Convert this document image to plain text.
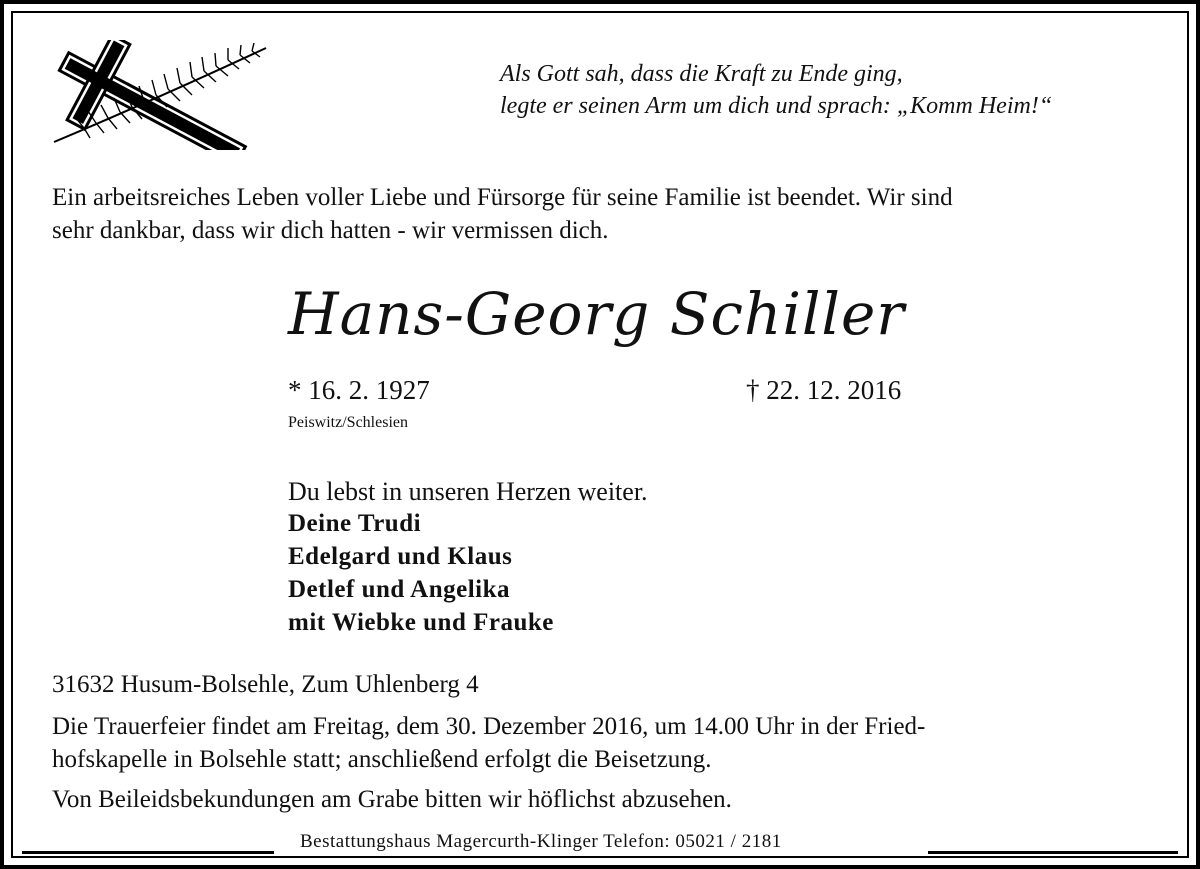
Als Gott sah, dass die Kraft zu Ende ging,
legte er seinen Arm um dich und sprach: „Komm Heim!“
Ein arbeitsreiches Leben voller Liebe und Fürsorge für seine Familie ist beendet. Wir sind
sehr dankbar, dass wir dich hatten - wir vermissen dich.
Hans-Georg Schiller
* 16. 2. 1927
Peiswitz/Schlesien
† 22. 12. 2016
Du lebst in unseren Herzen weiter.
Deine Trudi
Edelgard und Klaus
Detlef und Angelika
mit Wiebke und Frauke
31632 Husum-Bolsehle, Zum Uhlenberg 4
Die Trauerfeier findet am Freitag, dem 30. Dezember 2016, um 14.00 Uhr in der Fried-
hofskapelle in Bolsehle statt; anschließend erfolgt die Beisetzung.
Von Beileidsbekundungen am Grabe bitten wir höflichst abzusehen.
Bestattungshaus Magercurth-Klinger Telefon: 05021 / 2181
